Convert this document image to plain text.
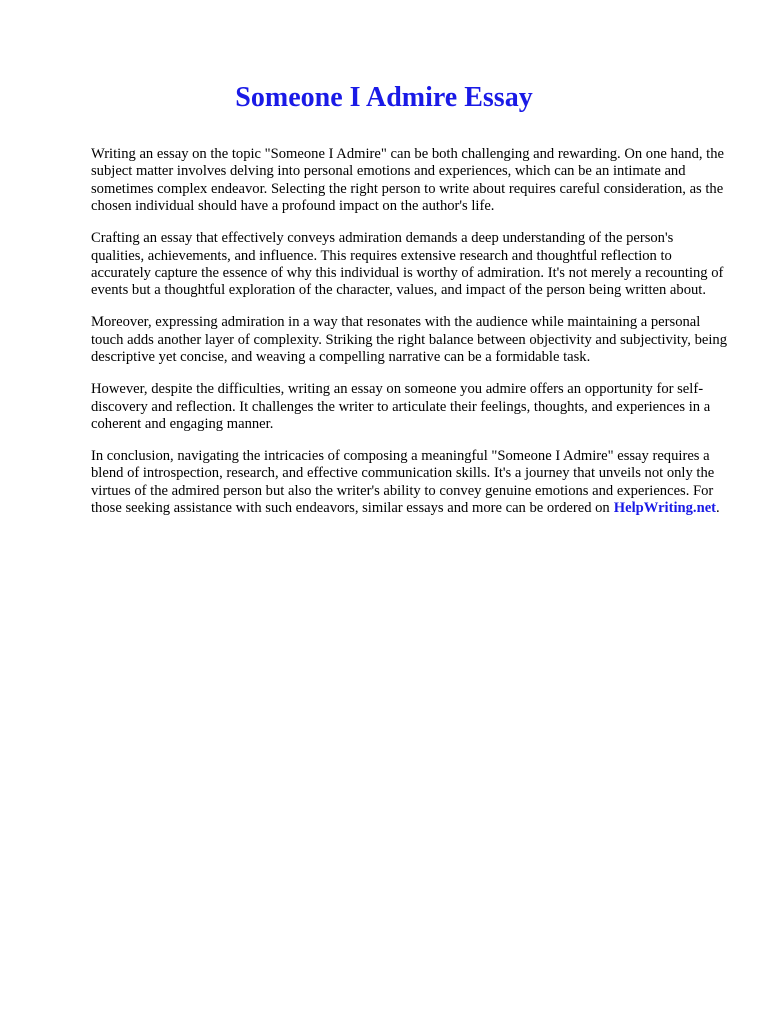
Someone I Admire Essay

Writing an essay on the topic "Someone I Admire" can be both challenging and rewarding. On one hand, the subject matter involves delving into personal emotions and experiences, which can be an intimate and sometimes complex endeavor. Selecting the right person to write about requires careful consideration, as the chosen individual should have a profound impact on the author's life.

Crafting an essay that effectively conveys admiration demands a deep understanding of the person's qualities, achievements, and influence. This requires extensive research and thoughtful reflection to accurately capture the essence of why this individual is worthy of admiration. It's not merely a recounting of events but a thoughtful exploration of the character, values, and impact of the person being written about.

Moreover, expressing admiration in a way that resonates with the audience while maintaining a personal touch adds another layer of complexity. Striking the right balance between objectivity and subjectivity, being descriptive yet concise, and weaving a compelling narrative can be a formidable task.

However, despite the difficulties, writing an essay on someone you admire offers an opportunity for self-discovery and reflection. It challenges the writer to articulate their feelings, thoughts, and experiences in a coherent and engaging manner.

In conclusion, navigating the intricacies of composing a meaningful "Someone I Admire" essay requires a blend of introspection, research, and effective communication skills. It's a journey that unveils not only the virtues of the admired person but also the writer's ability to convey genuine emotions and experiences. For those seeking assistance with such endeavors, similar essays and more can be ordered on HelpWriting.net.
